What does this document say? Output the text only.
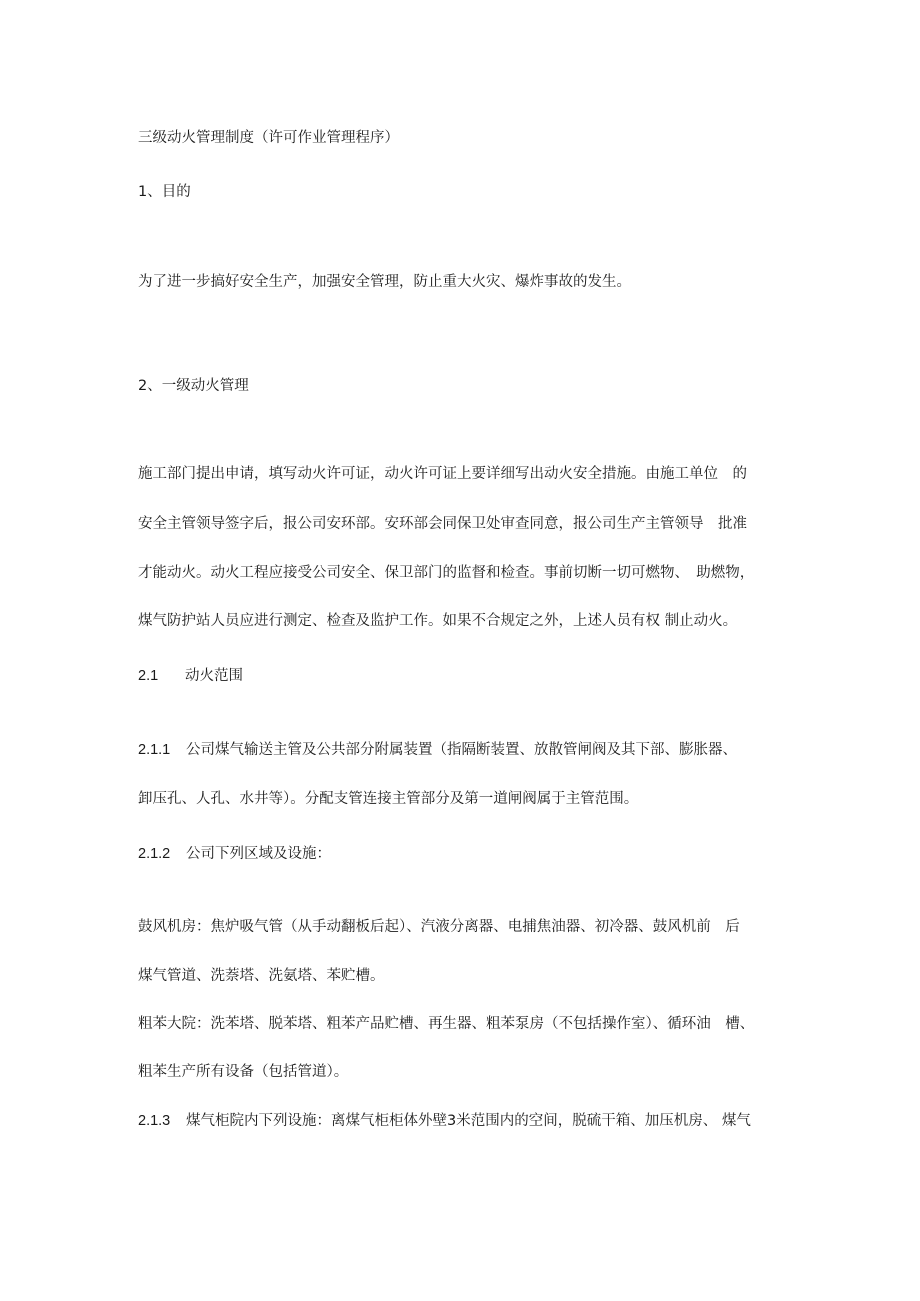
三级动火管理制度（许可作业管理程序）
1、目的
为了进一步搞好安全生产，加强安全管理，防止重大火灾、爆炸事故的发生。
2、一级动火管理
施工部门提出申请，填写动火许可证，动火许可证上要详细写出动火安全措施。由施工单位　的
安全主管领导签字后，报公司安环部。安环部会同保卫处审查同意，报公司生产主管领导　批准
才能动火。动火工程应接受公司安全、保卫部门的监督和检查。事前切断一切可燃物、　助燃物，
煤气防护站人员应进行测定、检查及监护工作。如果不合规定之外，上述人员有权 制止动火。
2.1 动火范围
2.1.1 公司煤气输送主管及公共部分附属装置（指隔断装置、放散管闸阀及其下部、膨胀器、
卸压孔、人孔、水井等）。分配支管连接主管部分及第一道闸阀属于主管范围。
2.1.2 公司下列区域及设施：
鼓风机房：焦炉吸气管（从手动翻板后起）、汽液分离器、电捕焦油器、初冷器、鼓风机前　后
煤气管道、洗萘塔、洗氨塔、苯贮槽。
粗苯大院：洗苯塔、脱苯塔、粗苯产品贮槽、再生器、粗苯泵房（不包括操作室）、循环油　槽、
粗苯生产所有设备（包括管道）。
2.1.3 煤气柜院内下列设施：离煤气柜柜体外壁3米范围内的空间，脱硫干箱、加压机房、 煤气
